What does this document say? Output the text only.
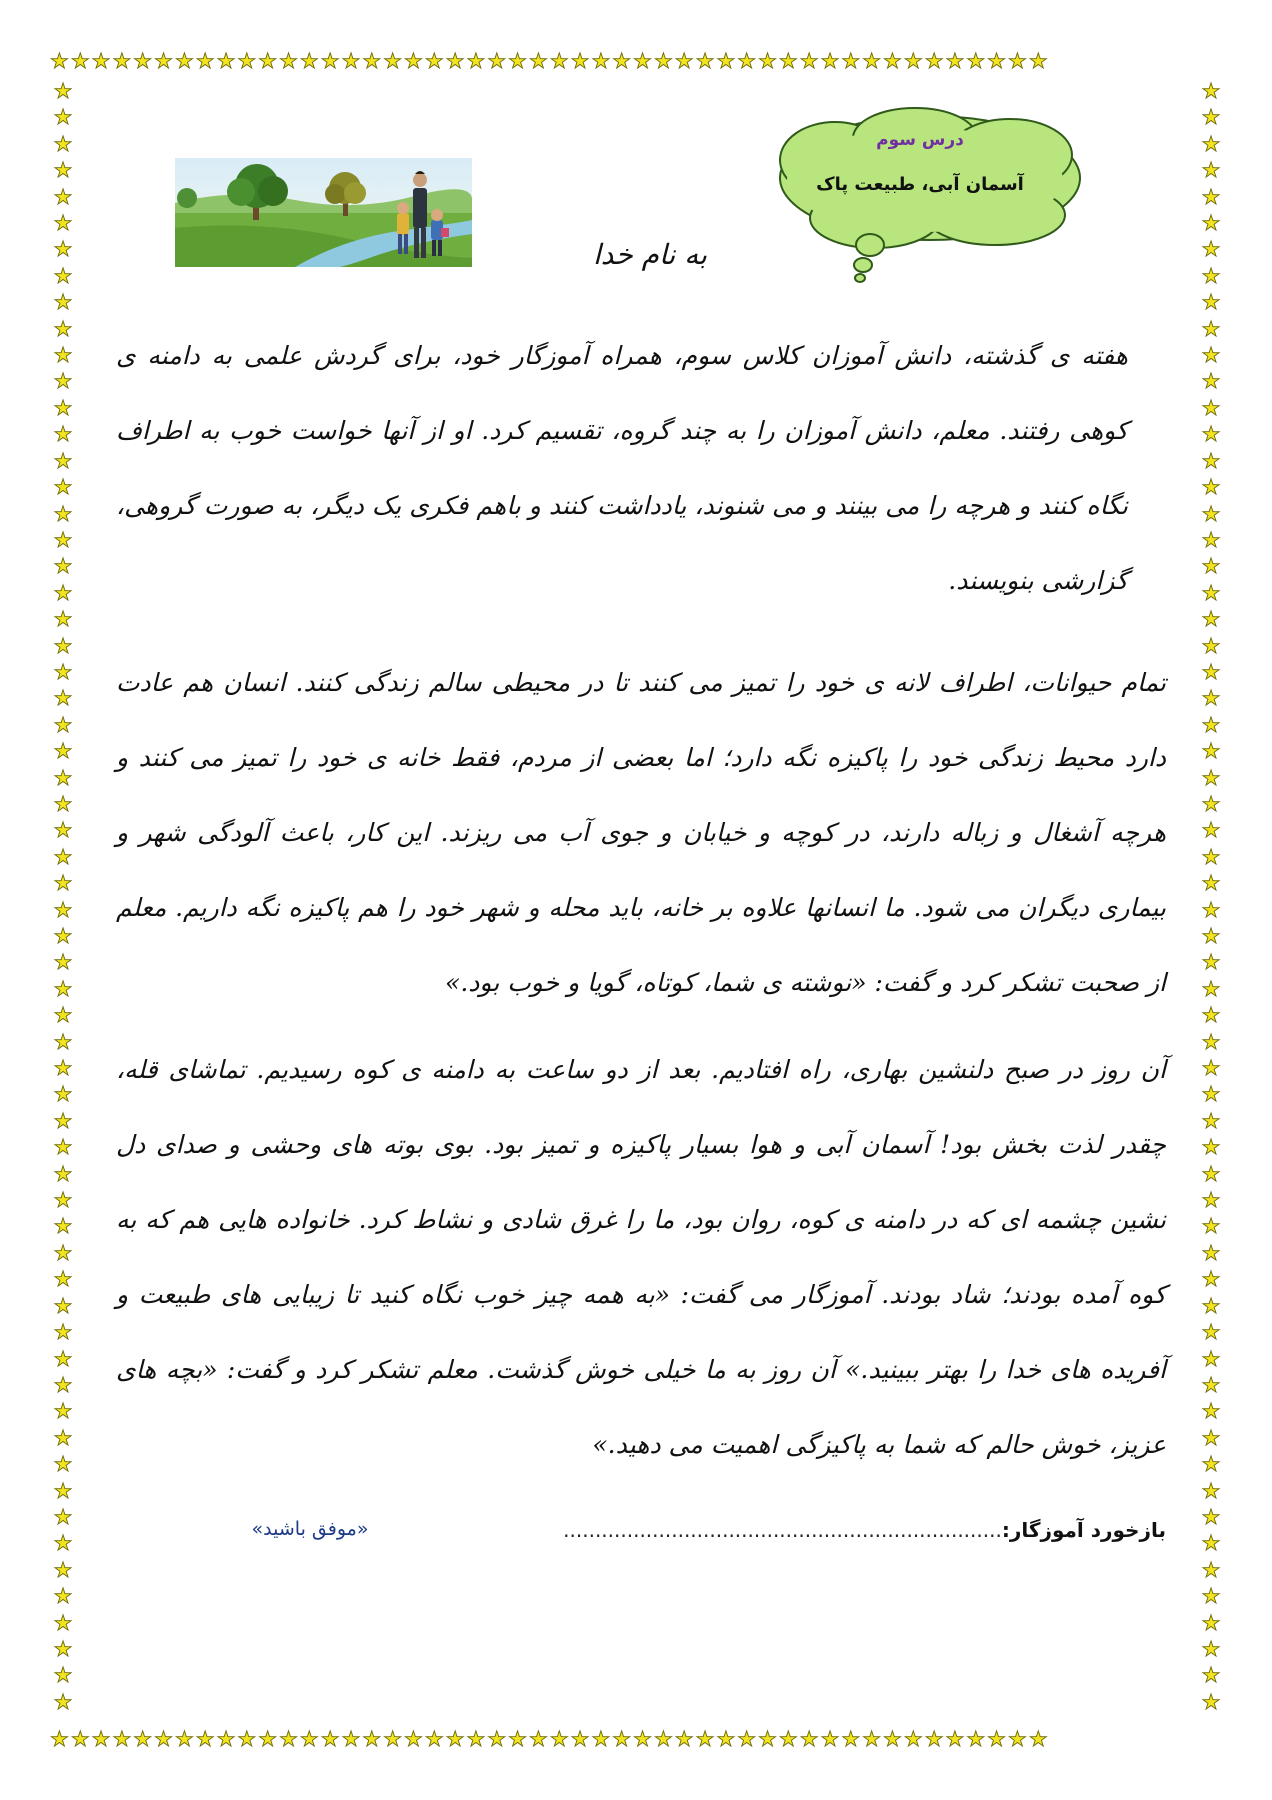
★★★★★★★★★★★★★★★★★★★★★★★★★★★★★★★★★★★★★★★★★★★★★★★★
★★★★★★★★★★★★★★★★★★★★★★★★★★★★★★★★★★★★★★★★★★★★★★★★
★★★★★★★★★★★★★★★★★★★★★★★★★★★★★★★★★★★★★★★★★★★★★★★★★★★★★★★★★★★★★★
★★★★★★★★★★★★★★★★★★★★★★★★★★★★★★★★★★★★★★★★★★★★★★★★★★★★★★★★★★★★★★
درس سوم
آسمان آبی، طبیعت پاک
به نام خدا

هفته ی گذشته، دانش آموزان کلاس سوم، همراه آموزگار خود، برای گردش علمی به دامنه ی کوهی رفتند. معلم، دانش آموزان را به چند گروه، تقسیم کرد. او از آنها خواست خوب به اطراف نگاه کنند و هرچه را می بینند و می شنوند، یادداشت کنند و باهم فکری یک دیگر، به صورت گروهی، گزارشی بنویسند.

تمام حیوانات، اطراف لانه ی خود را تمیز می کنند تا در محیطی سالم زندگی کنند. انسان هم عادت دارد محیط زندگی خود را پاکیزه نگه دارد؛ اما بعضی از مردم، فقط خانه ی خود را تمیز می کنند و هرچه آشغال و زباله دارند، در کوچه و خیابان و جوی آب می ریزند. این کار، باعث آلودگی شهر و بیماری دیگران می شود. ما انسانها علاوه بر خانه، باید محله و شهر خود را هم پاکیزه نگه داریم. معلم از صحبت تشکر کرد و گفت: «نوشته ی شما، کوتاه، گویا و خوب بود.»

آن روز در صبح دلنشین بهاری، راه افتادیم. بعد از دو ساعت به دامنه ی کوه رسیدیم. تماشای قله، چقدر لذت بخش بود! آسمان آبی و هوا بسیار پاکیزه و تمیز بود. بوی بوته های وحشی و صدای دل نشین چشمه ای که در دامنه ی کوه، روان بود، ما را غرق شادی و نشاط کرد. خانواده هایی هم که به کوه آمده بودند؛ شاد بودند. آموزگار می گفت: «به همه چیز خوب نگاه کنید تا زیبایی های طبیعت و آفریده های خدا را بهتر ببینید.» آن روز به ما خیلی خوش گذشت. معلم تشکر کرد و گفت: «بچه های عزیز، خوش حالم که شما به پاکیزگی اهمیت می دهید.»

بازخورد آموزگار:.....................................................................
«موفق باشید»
